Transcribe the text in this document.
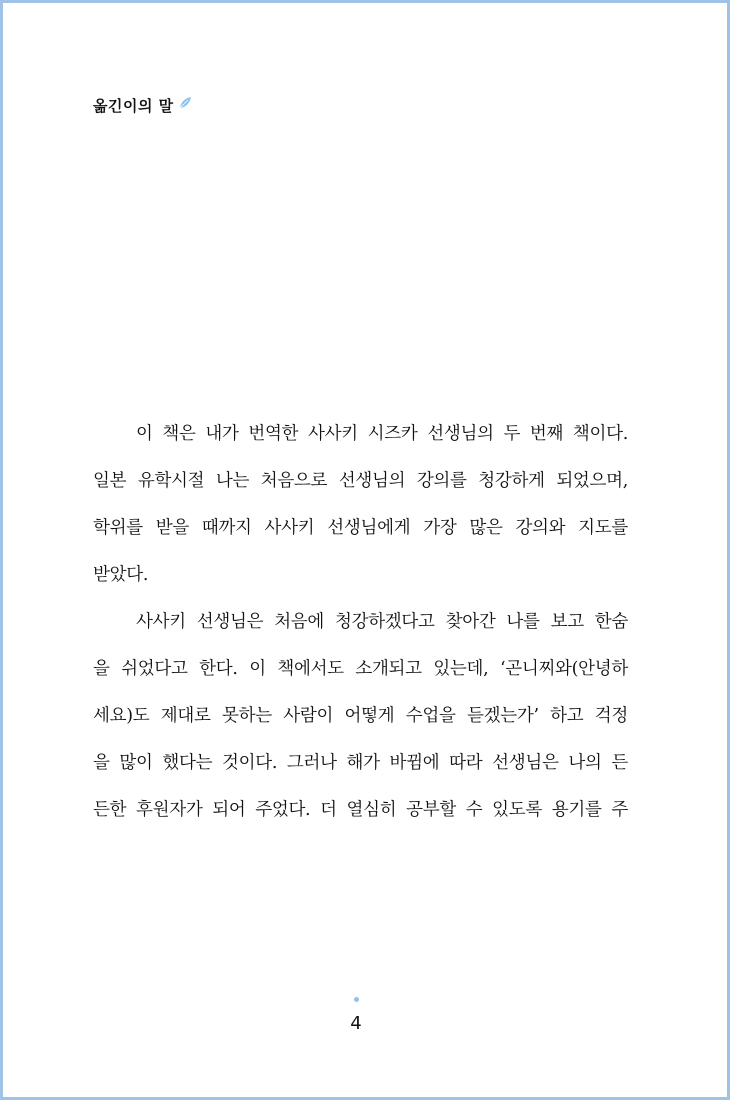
옮긴이의 말
이 책은 내가 번역한 사사키 시즈카 선생님의 두 번째 책이다.
일본 유학시절 나는 처음으로 선생님의 강의를 청강하게 되었으며,
학위를 받을 때까지 사사키 선생님에게 가장 많은 강의와 지도를
받았다.
사사키 선생님은 처음에 청강하겠다고 찾아간 나를 보고 한숨
을 쉬었다고 한다. 이 책에서도 소개되고 있는데, ‘곤니찌와(안녕하
세요)도 제대로 못하는 사람이 어떻게 수업을 듣겠는가’ 하고 걱정
을 많이 했다는 것이다. 그러나 해가 바뀜에 따라 선생님은 나의 든
든한 후원자가 되어 주었다. 더 열심히 공부할 수 있도록 용기를 주
4
